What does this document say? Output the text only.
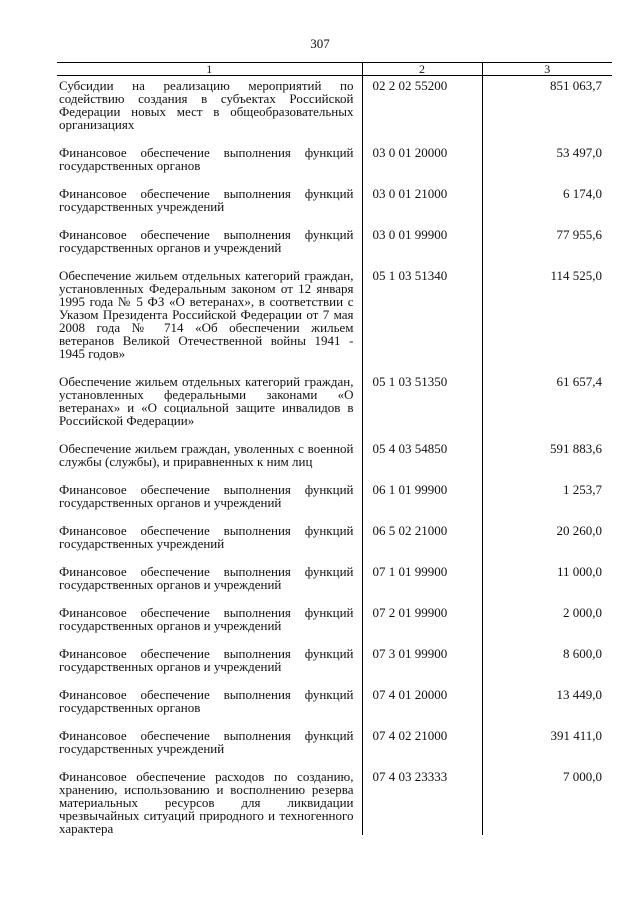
307
1	2	3
Субсидии на реализацию мероприятий по содействию создания в субъектах Российской Федерации новых мест в общеобразовательных организациях	02 2 02 55200	851 063,7
Финансовое обеспечение выполнения функций государственных органов	03 0 01 20000	53 497,0
Финансовое обеспечение выполнения функций государственных учреждений	03 0 01 21000	6 174,0
Финансовое обеспечение выполнения функций государственных органов и учреждений	03 0 01 99900	77 955,6
Обеспечение жильем отдельных категорий граждан, установленных Федеральным законом от 12 января 1995 года № 5 ФЗ «О ветеранах», в соответствии с Указом Президента Российской Федерации от 7 мая 2008 года № 714 «Об обеспечении жильем ветеранов Великой Отечественной войны 1941 - 1945 годов»	05 1 03 51340	114 525,0
Обеспечение жильем отдельных категорий граждан, установленных федеральными законами «О ветеранах» и «О социальной защите инвалидов в Российской Федерации»	05 1 03 51350	61 657,4
Обеспечение жильем граждан, уволенных с военной службы (службы), и приравненных к ним лиц	05 4 03 54850	591 883,6
Финансовое обеспечение выполнения функций государственных органов и учреждений	06 1 01 99900	1 253,7
Финансовое обеспечение выполнения функций государственных учреждений	06 5 02 21000	20 260,0
Финансовое обеспечение выполнения функций государственных органов и учреждений	07 1 01 99900	11 000,0
Финансовое обеспечение выполнения функций государственных органов и учреждений	07 2 01 99900	2 000,0
Финансовое обеспечение выполнения функций государственных органов и учреждений	07 3 01 99900	8 600,0
Финансовое обеспечение выполнения функций государственных органов	07 4 01 20000	13 449,0
Финансовое обеспечение выполнения функций государственных учреждений	07 4 02 21000	391 411,0
Финансовое обеспечение расходов по созданию, хранению, использованию и восполнению резерва материальных ресурсов для ликвидации чрезвычайных ситуаций природного и техногенного характера	07 4 03 23333	7 000,0
